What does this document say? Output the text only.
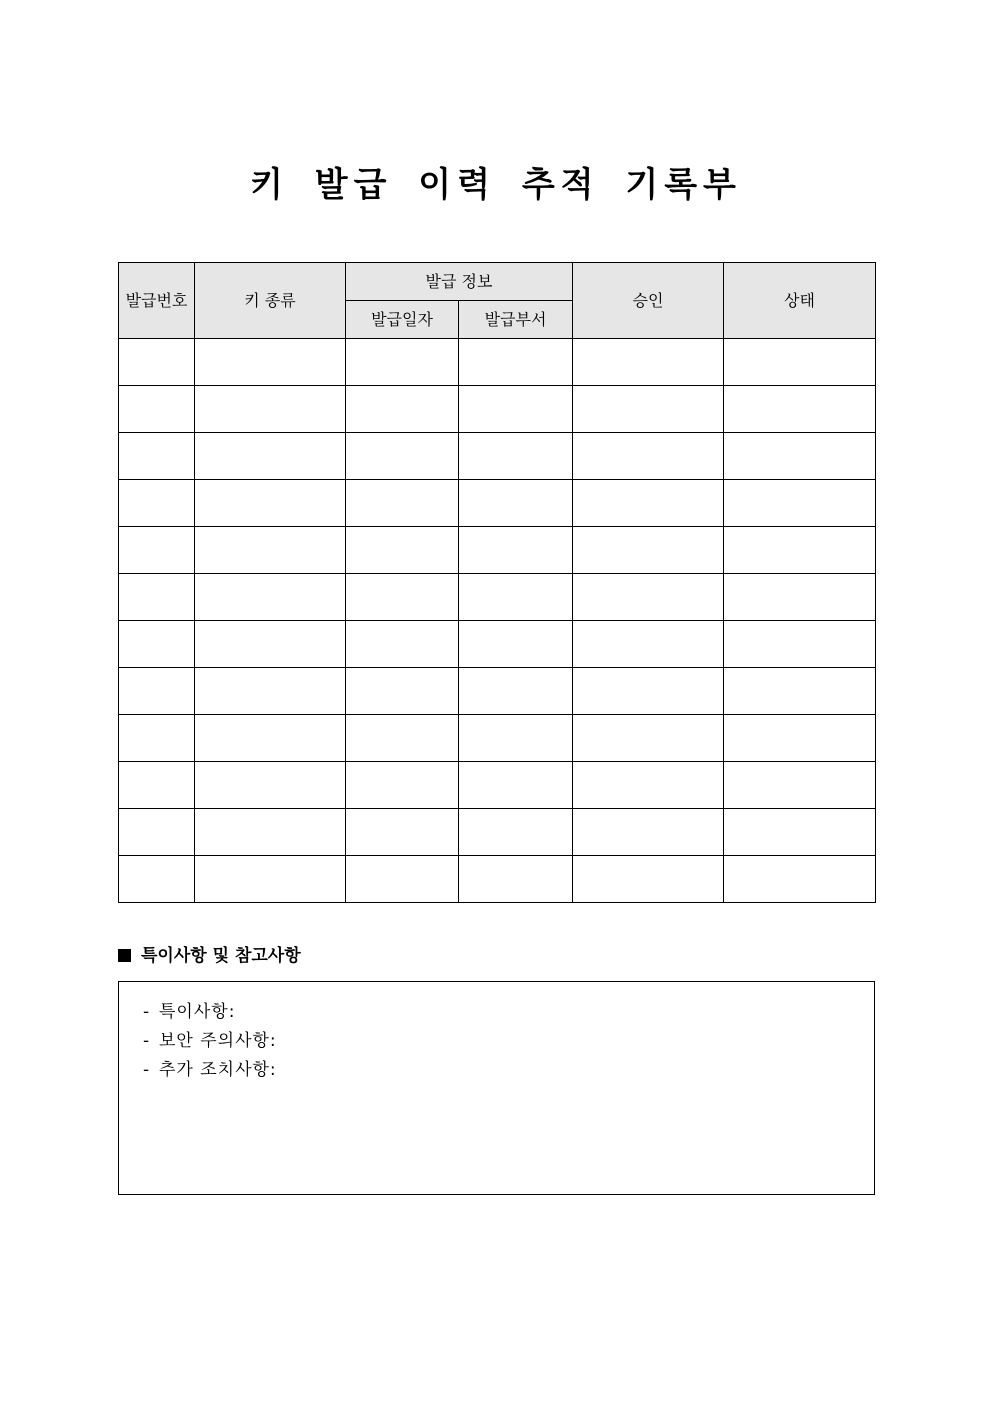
키 발급 이력 추적 기록부
발급번호	키 종류	발급 정보		승인	상태
		발급일자	발급부서		

특이사항 및 참고사항
- 특이사항:
- 보안 주의사항:
- 추가 조치사항:
